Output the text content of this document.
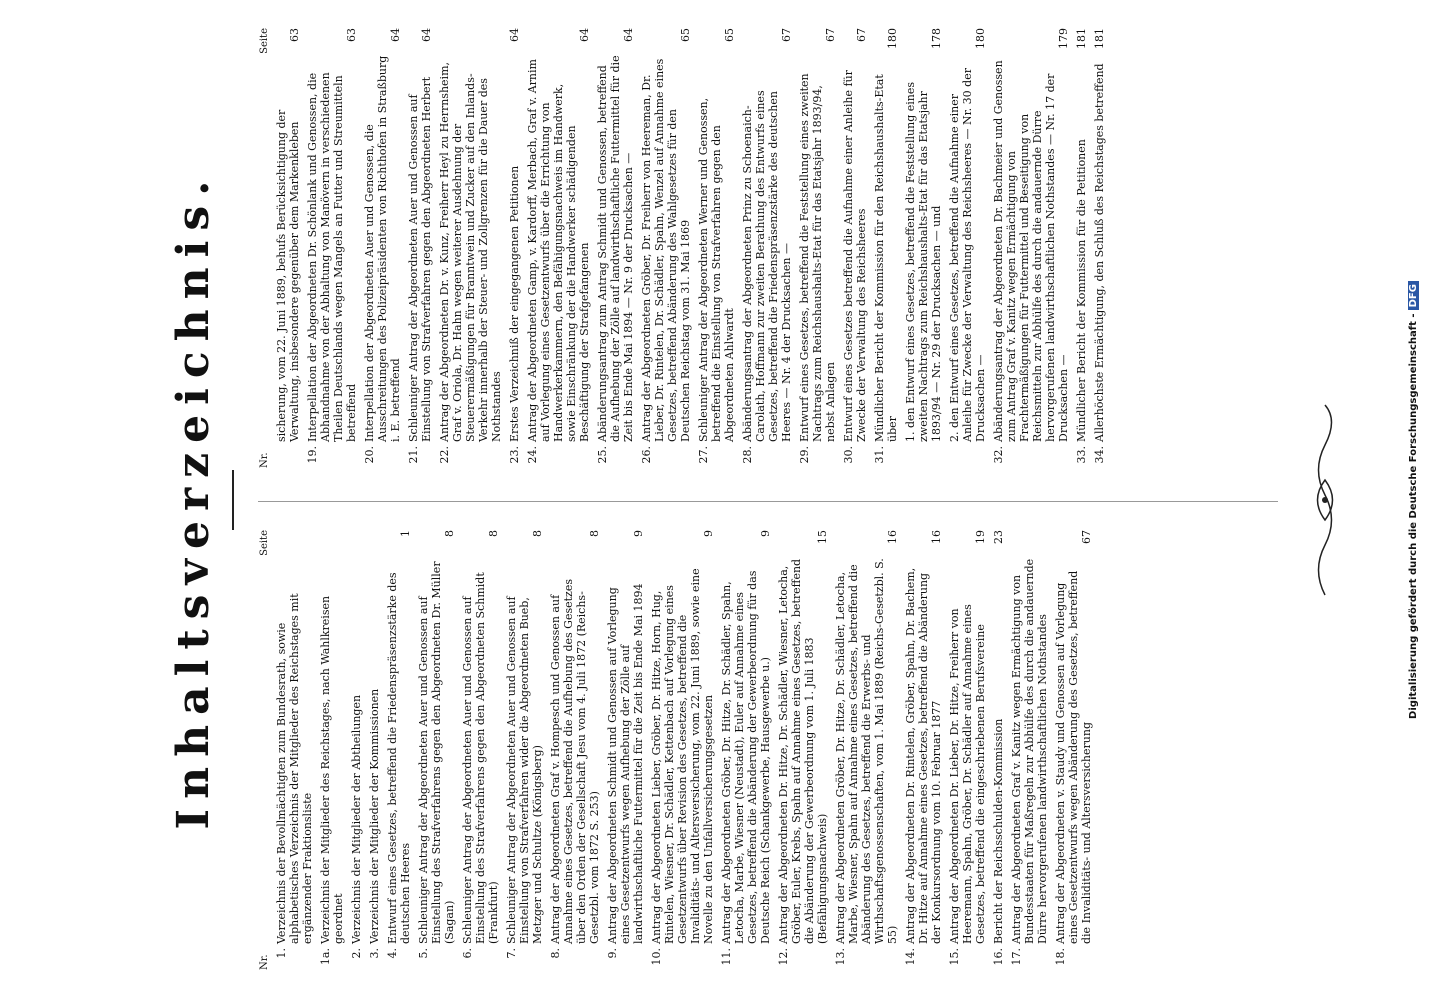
Inhaltsverzeichnis.
Nr.
Seite
1.
Verzeichnis der Bevollmächtigten zum Bundesrath, sowie alphabetisches Verzeichnis der Mitglieder des Reichstages mit ergänzender Fraktionsliste
1a.
Verzeichnis der Mitglieder des Reichstages, nach Wahlkreisen geordnet
2.
Verzeichnis der Mitglieder der Abtheilungen
3.
Verzeichnis der Mitglieder der Kommissionen
4.
Entwurf eines Gesetzes, betreffend die Friedenspräsenzstärke des deutschen Heeres
1
5.
Schleuniger Antrag der Abgeordneten Auer und Genossen auf Einstellung des Strafverfahrens gegen den Abgeordneten Dr. Müller (Sagan)
8
6.
Schleuniger Antrag der Abgeordneten Auer und Genossen auf Einstellung des Strafverfahrens gegen den Abgeordneten Schmidt (Frankfurt)
8
7.
Schleuniger Antrag der Abgeordneten Auer und Genossen auf Einstellung von Strafverfahren wider die Abgeordneten Bueb, Metzger und Schultze (Königsberg)
8
8.
Antrag der Abgeordneten Graf v. Hompesch und Genossen auf Annahme eines Gesetzes, betreffend die Aufhebung des Gesetzes über den Orden der Gesellschaft Jesu vom 4. Juli 1872 (Reichs-Gesetzbl. vom 1872 S. 253)
8
9.
Antrag der Abgeordneten Schmidt und Genossen auf Vorlegung eines Gesetzentwurfs wegen Aufhebung der Zölle auf landwirthschaftliche Futtermittel für die Zeit bis Ende Mai 1894
9
10.
Antrag der Abgeordneten Lieber, Gröber, Dr. Hitze, Horn, Hug, Rintelen, Wiesner, Dr. Schädler, Kettenbach auf Vorlegung eines Gesetzentwurfs über Revision des Gesetzes, betreffend die Invaliditäts- und Altersversicherung, vom 22. Juni 1889, sowie eine Novelle zu den Unfallversicherungsgesetzen
9
11.
Antrag der Abgeordneten Gröber, Dr. Hitze, Dr. Schädler, Spahn, Letocha, Marbe, Wiesner (Neustadt), Euler auf Annahme eines Gesetzes, betreffend die Abänderung der Gewerbeordnung für das Deutsche Reich (Schankgewerbe, Hausgewerbe u.)
9
12.
Antrag der Abgeordneten Dr. Hitze, Dr. Schädler, Wiesner, Letocha, Gröber, Euler, Krebs, Spahn auf Annahme eines Gesetzes, betreffend die Abänderung der Gewerbeordnung vom 1. Juli 1883 (Befähigungsnachweis)
15
13.
Antrag der Abgeordneten Gröber, Dr. Hitze, Dr. Schädler, Letocha, Marbe, Wiesner, Spahn auf Annahme eines Gesetzes, betreffend die Abänderung des Gesetzes, betreffend die Erwerbs- und Wirthschaftsgenossenschaften, vom 1. Mai 1889 (Reichs-Gesetzbl. S. 55)
16
14.
Antrag der Abgeordneten Dr. Rintelen, Gröber, Spahn, Dr. Bachem, Dr. Hitze auf Annahme eines Gesetzes, betreffend die Abänderung der Konkursordnung vom 10. Februar 1877
16
15.
Antrag der Abgeordneten Dr. Lieber, Dr. Hitze, Freiherr von Heeremann, Spahn, Gröber, Dr. Schädler auf Annahme eines Gesetzes, betreffend die eingeschriebenen Berufsvereine
19
16.
Bericht der Reichsschulden-Kommission
23
17.
Antrag der Abgeordneten Graf v. Kanitz wegen Ermächtigung von Bundesstaaten für Maßregeln zur Abhülfe des durch die andauernde Dürre hervorgerufenen landwirthschaftlichen Nothstandes
18.
Antrag der Abgeordneten v. Staudy und Genossen auf Vorlegung eines Gesetzentwurfs wegen Abänderung des Gesetzes, betreffend die Invaliditäts- und Altersversicherung
67
Nr.
Seite
sicherung, vom 22. Juni 1889, behufs Berücksichtigung der Verwaltung, insbesondere gegenüber dem Markenkleben
63
19.
Interpellation der Abgeordneten Dr. Schönlank und Genossen, die Abhandnahme von der Abhaltung von Manövern in verschiedenen Theilen Deutschlands wegen Mangels an Futter und Streumitteln betreffend
63
20.
Interpellation der Abgeordneten Auer und Genossen, die Ausschreitungen des Polizeipräsidenten von Richthofen in Straßburg i. E. betreffend
64
21.
Schleuniger Antrag der Abgeordneten Auer und Genossen auf Einstellung von Strafverfahren gegen den Abgeordneten Herbert
64
22.
Antrag der Abgeordneten Dr. v. Kunz, Freiherr Heyl zu Herrnsheim, Graf v. Oriola, Dr. Hahn wegen weiterer Ausdehnung der Steuerermäßigungen für Branntwein und Zucker auf den Inlands-Verkehr innerhalb der Steuer- und Zollgrenzen für die Dauer des Nothstandes
23.
Erstes Verzeichniß der eingegangenen Petitionen
64
24.
Antrag der Abgeordneten Gamp, v. Kardorff, Merbach, Graf v. Arnim auf Vorlegung eines Gesetzentwurfs über die Errichtung von Handwerkerkammern, den Befähigungsnachweis im Handwerk, sowie Einschränkung der die Handwerker schädigenden Beschäftigung der Strafgefangenen
64
25.
Abänderungsantrag zum Antrag Schmidt und Genossen, betreffend die Aufhebung der Zölle auf landwirthschaftliche Futtermittel für die Zeit bis Ende Mai 1894 — Nr. 9 der Drucksachen —
64
26.
Antrag der Abgeordneten Gröber, Dr. Freiherr von Heereman, Dr. Lieber, Dr. Rintelen, Dr. Schädler, Spahn, Wenzel auf Annahme eines Gesetzes, betreffend Abänderung des Wahlgesetzes für den Deutschen Reichstag vom 31. Mai 1869
65
27.
Schleuniger Antrag der Abgeordneten Werner und Genossen, betreffend die Einstellung von Strafverfahren gegen den Abgeordneten Ahlwardt
65
28.
Abänderungsantrag der Abgeordneten Prinz zu Schoenaich-Carolath, Hoffmann zur zweiten Berathung des Entwurfs eines Gesetzes, betreffend die Friedenspräsenzstärke des deutschen Heeres — Nr. 4 der Drucksachen —
67
29.
Entwurf eines Gesetzes, betreffend die Feststellung eines zweiten Nachtrags zum Reichshaushalts-Etat für das Etatsjahr 1893/94, nebst Anlagen
67
30.
Entwurf eines Gesetzes betreffend die Aufnahme einer Anleihe für Zwecke der Verwaltung des Reichsheeres
67
31.
Mündlicher Bericht der Kommission für den Reichshaushalts-Etat über
180
1. den Entwurf eines Gesetzes, betreffend die Feststellung eines zweiten Nachtrags zum Reichshaushalts-Etat für das Etatsjahr 1893/94 — Nr. 29 der Drucksachen — und
178
2. den Entwurf eines Gesetzes, betreffend die Aufnahme einer Anleihe für Zwecke der Verwaltung des Reichsheeres — Nr. 30 der Drucksachen —
180
32.
Abänderungsantrag der Abgeordneten Dr. Bachmeier und Genossen zum Antrag Graf v. Kanitz wegen Ermächtigung von Frachtermäßigungen für Futtermittel und Beseitigung von Reichsmitteln zur Abhülfe des durch die andauernde Dürre hervorgerufenen landwirthschaftlichen Nothstandes — Nr. 17 der Drucksachen —
179
33.
Mündlicher Bericht der Kommission für die Petitionen
181
34.
Allerhöchste Ermächtigung, den Schluß des Reichstages betreffend
181
Digitalisierung gefördert durch die Deutsche Forschungsgemeinschaft -DFG
